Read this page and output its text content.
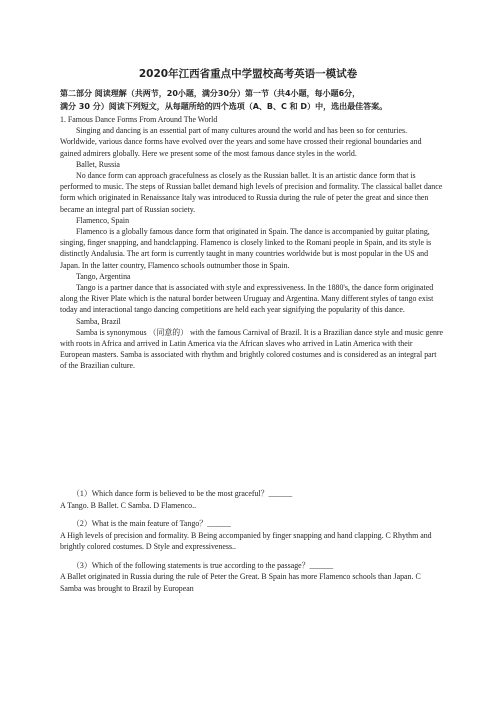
2020年江西省重点中学盟校高考英语一模试卷
第二部分 阅读理解（共两节，20小题，满分30分）第一节（共4小题，每小题6分，
满分 30 分）阅读下列短文，从每题所给的四个选项（A、B、C 和 D）中，选出最佳答案。

1. Famous Dance Forms From Around The World

Singing and dancing is an essential part of many cultures around the world and has been so for centuries. Worldwide, various dance forms have evolved over the years and some have crossed their regional boundaries and gained admirers globally. Here we present some of the most famous dance styles in the world.

Ballet, Russia

No dance form can approach gracefulness as closely as the Russian ballet. It is an artistic dance form that is performed to music. The steps of Russian ballet demand high levels of precision and formality. The classical ballet dance form which originated in Renaissance Italy was introduced to Russia during the rule of peter the great and since then became an integral part of Russian society.

Flamenco, Spain

Flamenco is a globally famous dance form that originated in Spain. The dance is accompanied by guitar plating, singing, finger snapping, and handclapping. Flamenco is closely linked to the Romani people in Spain, and its style is distinctly Andalusia. The art form is currently taught in many countries worldwide but is most popular in the US and Japan. In the latter country, Flamenco schools outnumber those in Spain.

Tango, Argentina

Tango is a partner dance that is associated with style and expressiveness. In the 1880's, the dance form originated along the River Plate which is the natural border between Uruguay and Argentina. Many different styles of tango exist today and interactional tango dancing competitions are held each year signifying the popularity of this dance.

Samba, Brazil

Samba is synonymous （同意的） with the famous Carnival of Brazil. It is a Brazilian dance style and music genre with roots in Africa and arrived in Latin America via the African slaves who arrived in Latin America with their European masters. Samba is associated with rhythm and brightly colored costumes and is considered as an integral part of the Brazilian culture.

（1）Which dance form is believed to be the most graceful？______

A Tango. B Ballet. C Samba. D Flamenco..

（2）What is the main feature of Tango？______

A High levels of precision and formality. B Being accompanied by finger snapping and hand clapping. C Rhythm and brightly colored costumes. D Style and expressiveness..

（3）Which of the following statements is true according to the passage？______

A Ballet originated in Russia during the rule of Peter the Great. B Spain has more Flamenco schools than Japan. C Samba was brought to Brazil by European
